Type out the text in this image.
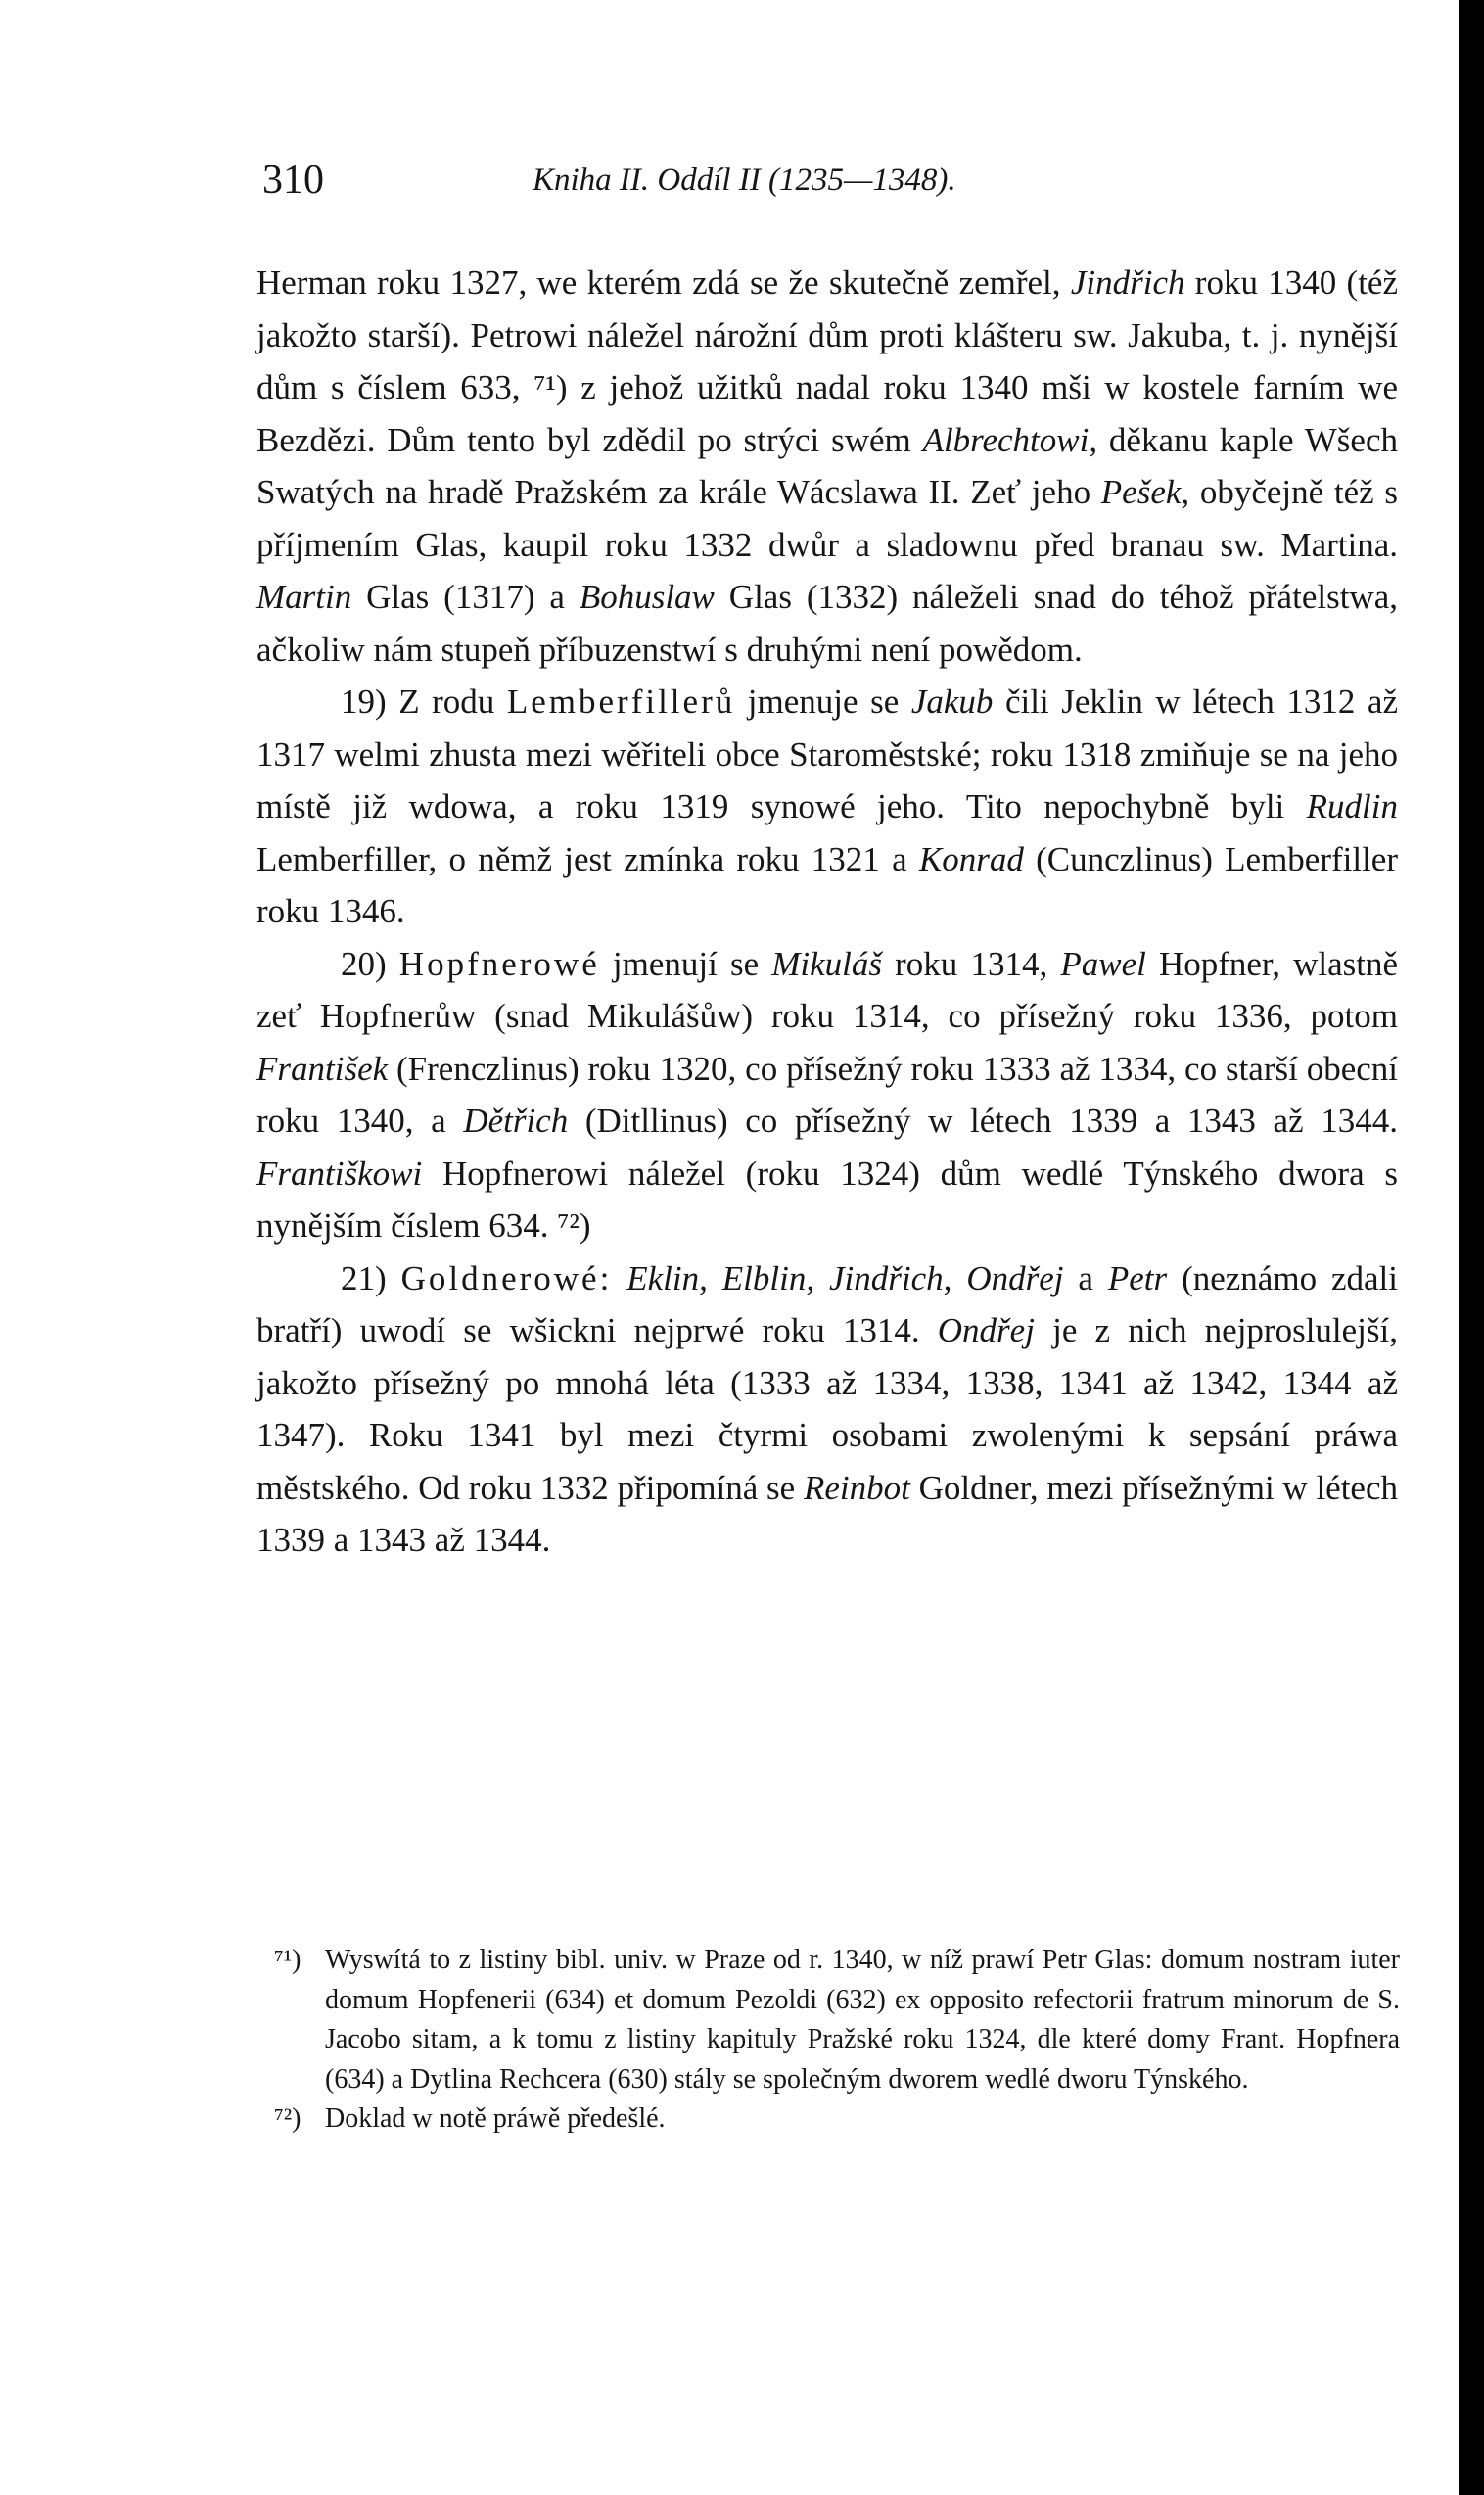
310	Kniha II. Oddíl II (1235—1348).

Herman roku 1327, we kterém zdá se že skutečně zemřel, Jindřich roku 1340 (též jakožto starší). Petrowi náležel nárožní dům proti klášteru sw. Jakuba, t. j. nynější dům s číslem 633, ⁷¹) z jehož užitků nadal roku 1340 mši w kostele farním we Bezdězi. Dům tento byl zdědil po strýci swém Albrechtowi, děkanu kaple Wšech Swatých na hradě Pražském za krále Wácslawa II. Zeť jeho Pešek, obyčejně též s příjmením Glas, kaupil roku 1332 dwůr a sladownu před branau sw. Martina. Martin Glas (1317) a Bohuslaw Glas (1332) náleželi snad do téhož přátelstwa, ačkoliw nám stupeň příbuzenstwí s druhými není powědom.

19) Z rodu Lemberfillerů jmenuje se Jakub čili Jeklin w létech 1312 až 1317 welmi zhusta mezi wěřiteli obce Staroměstské; roku 1318 zmiňuje se na jeho místě již wdowa, a roku 1319 synowé jeho. Tito nepochybně byli Rudlin Lemberfiller, o němž jest zmínka roku 1321 a Konrad (Cunczlinus) Lemberfiller roku 1346.

20) Hopfnerowé jmenují se Mikuláš roku 1314, Pawel Hopfner, wlastně zeť Hopfnerůw (snad Mikulášůw) roku 1314, co přísežný roku 1336, potom František (Frenczlinus) roku 1320, co přísežný roku 1333 až 1334, co starší obecní roku 1340, a Dětřich (Ditllinus) co přísežný w létech 1339 a 1343 až 1344. Františkowi Hopfnerowi náležel (roku 1324) dům wedlé Týnského dwora s nynějším číslem 634. ⁷²)

21) Goldnerowé: Eklin, Elblin, Jindřich, Ondřej a Petr (neznámo zdali bratří) uwodí se wšickni nejprwé roku 1314. Ondřej je z nich nejproslulejší, jakožto přísežný po mnohá léta (1333 až 1334, 1338, 1341 až 1342, 1344 až 1347). Roku 1341 byl mezi čtyrmi osobami zwolenými k sepsání práwa městského. Od roku 1332 připomíná se Reinbot Goldner, mezi přísežnými w létech 1339 a 1343 až 1344.

⁷¹) Wyswítá to z listiny bibl. univ. w Praze od r. 1340, w níž prawí Petr Glas: domum nostram iuter domum Hopfenerii (634) et domum Pezoldi (632) ex opposito refectorii fratrum minorum de S. Jacobo sitam, a k tomu z listiny kapituly Pražské roku 1324, dle které domy Frant. Hopfnera (634) a Dytlina Rechcera (630) stály se společným dworem wedlé dworu Týnského.

⁷²) Doklad w notě práwě předešlé.
